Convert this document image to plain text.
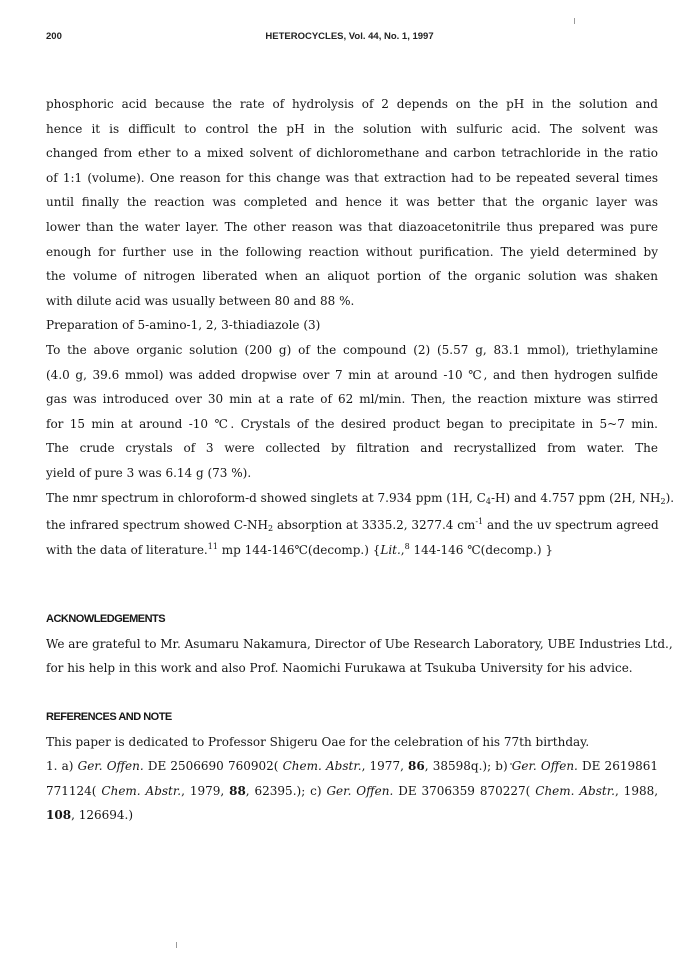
200	HETEROCYCLES, Vol. 44, No. 1, 1997
phosphoric acid because the rate of hydrolysis of 2 depends on the pH in the solution and
hence it is difficult to control the pH in the solution with sulfuric acid. The solvent was
changed from ether to a mixed solvent of dichloromethane and carbon tetrachloride in the ratio
of 1:1 (volume). One reason for this change was that extraction had to be repeated several times
until finally the reaction was completed and hence it was better that the organic layer was
lower than the water layer. The other reason was that diazoacetonitrile thus prepared was pure
enough for further use in the following reaction without purification. The yield determined by
the volume of nitrogen liberated when an aliquot portion of the organic solution was shaken
with dilute acid was usually between 80 and 88 %.
Preparation of 5-amino-1, 2, 3-thiadiazole (3)
To the above organic solution (200 g) of the compound (2) (5.57 g, 83.1 mmol), triethylamine
(4.0 g, 39.6 mmol) was added dropwise over 7 min at around -10 ℃, and then hydrogen sulfide
gas was introduced over 30 min at a rate of 62 ml/min. Then, the reaction mixture was stirred
for 15 min at around -10 ℃. Crystals of the desired product began to precipitate in 5~7 min.
The crude crystals of 3 were collected by filtration and recrystallized from water. The
yield of pure 3 was 6.14 g (73 %).
The nmr spectrum in chloroform-d showed singlets at 7.934 ppm (1H, $C_4-H$) and 4.757 ppm (2H, $NH_2$).
the infrared spectrum showed $C-NH_2$ absorption at 3335.2, 3277.4 $cm^{-1}$ and the uv spectrum agreed
with the data of literature.$^{11}$ mp 144-146℃(decomp.) {Lit.,$^8$ 144-146 ℃(decomp.) }
ACKNOWLEDGEMENTS
We are grateful to Mr. Asumaru Nakamura, Director of Ube Research Laboratory, UBE Industries Ltd.,
for his help in this work and also Prof. Naomichi Furukawa at Tsukuba University for his advice.
REFERENCES AND NOTE
This paper is dedicated to Professor Shigeru Oae for the celebration of his 77th birthday.
1. a) Ger. Offen. DE 2506690 760902( Chem. Abstr., 1977, 86, 38598q.); b) Ger. Offen. DE 2619861
771124( Chem. Abstr., 1979, 88, 62395.); c) Ger. Offen. DE 3706359 870227( Chem. Abstr., 1988,
108, 126694.)
